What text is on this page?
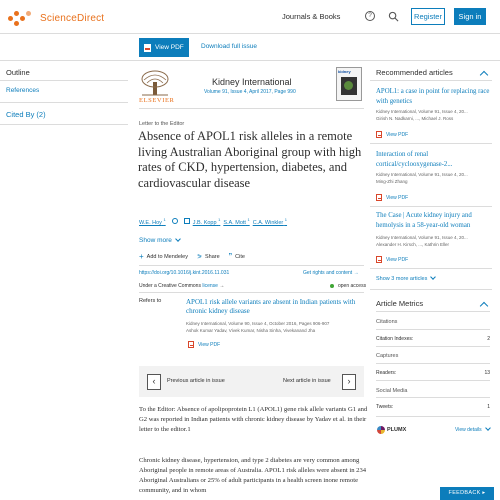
ScienceDirect	Journals & Books	?	Register	Sign in
View PDF	Download full issue
Outline
References
Cited By (2)
ELSEVIER
Kidney International
Volume 91, Issue 4, April 2017, Page 990
kidney
Letter to the Editor
Absence of APOL1 risk alleles in a remote living Australian Aboriginal group with high rates of CKD, hypertension, diabetes, and cardiovascular disease
W.E. Hoy $^1$
J.B. Kopp $^1$
S.A. Mott $^1$
C.A. Winkler $^1$
Show more
+ Add to Mendeley ⪖ Share ” Cite
https://doi.org/10.1016/j.kint.2016.11.031	Get rights and content →
Under a Creative Commons license →	open access
Refers to	APOL1 risk allele variants are absent in Indian patients with chronic kidney disease
Kidney International, Volume 90, Issue 4, October 2016, Pages 906-907
Ashok Kumar Yadav, Vivek Kumar, Nisha Sinha, Vivekanand Jha
View PDF
‹	Previous article in issue	Next article in issue	›

To the Editor: Absence of apolipoprotein L1 (APOL1) gene risk allele variants G1 and G2 was reported in Indian patients with chronic kidney disease by Yadav et al. in their letter to the editor.1

Chronic kidney disease, hypertension, and type 2 diabetes are very common among Aboriginal people in remote areas of Australia. APOL1 risk alleles were absent in 234 Aboriginal Australians or 25% of adult participants in a health screen inone remote community, and in whom

Recommended articles
APOL1: a case in point for replacing race with genetics
Kidney International, Volume 91, Issue 4, 20...
Girish N. Nadkarni, ..., Michael J. Ross
View PDF
Interaction of renal cortical/cyclooxygenase-2...
Kidney International, Volume 91, Issue 4, 20...
Ming-Zhi Zhang
View PDF
The Case | Acute kidney injury and hemolysis in a 58-year-old woman
Kidney International, Volume 91, Issue 4, 20...
Alexander H. Kirsch, ..., Kathrin Eller
View PDF
Show 3 more articles
Article Metrics
Citations
Citation Indexes:	2
Captures
Readers:	13
Social Media
Tweets:	1
PLUMX	View details
FEEDBACK ▸
